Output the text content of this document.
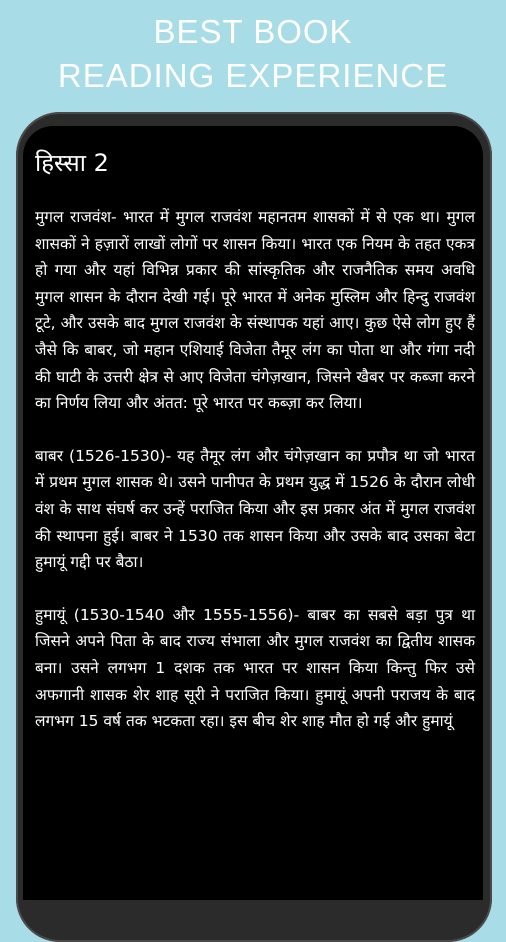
BEST BOOK
READING EXPERIENCE
हिस्सा 2

मुगल राजवंश- भारत में मुगल राजवंश महानतम शासकों में से एक था। मुगल शासकों ने हज़ारों लाखों लोगों पर शासन किया। भारत एक नियम के तहत एकत्र हो गया और यहां विभिन्न प्रकार की सांस्कृतिक और राजनैतिक समय अवधि मुगल शासन के दौरान देखी गई। पूरे भारत में अनेक मुस्लिम और हिन्दु राजवंश टूटे, और उसके बाद मुगल राजवंश के संस्थापक यहां आए। कुछ ऐसे लोग हुए हैं जैसे कि बाबर, जो महान एशियाई विजेता तैमूर लंग का पोता था और गंगा नदी की घाटी के उत्तरी क्षेत्र से आए विजेता चंगेज़खान, जिसने खैबर पर कब्जा करने का निर्णय लिया और अंतत: पूरे भारत पर कब्ज़ा कर लिया।

बाबर (1526-1530)- यह तैमूर लंग और चंगेज़खान का प्रपौत्र था जो भारत में प्रथम मुगल शासक थे। उसने पानीपत के प्रथम युद्ध में 1526 के दौरान लोधी वंश के साथ संघर्ष कर उन्हें पराजित किया और इस प्रकार अंत में मुगल राजवंश की स्थापना हुई। बाबर ने 1530 तक शासन किया और उसके बाद उसका बेटा हुमायूं गद्दी पर बैठा।

हुमायूं (1530-1540 और 1555-1556)- बाबर का सबसे बड़ा पुत्र था जिसने अपने पिता के बाद राज्य संभाला और मुगल राजवंश का द्वितीय शासक बना। उसने लगभग 1 दशक तक भारत पर शासन किया किन्तु फिर उसे अफगानी शासक शेर शाह सूरी ने पराजित किया। हुमायूं अपनी पराजय के बाद लगभग 15 वर्ष तक भटकता रहा। इस बीच शेर शाह मौत हो गई और हुमायूं
